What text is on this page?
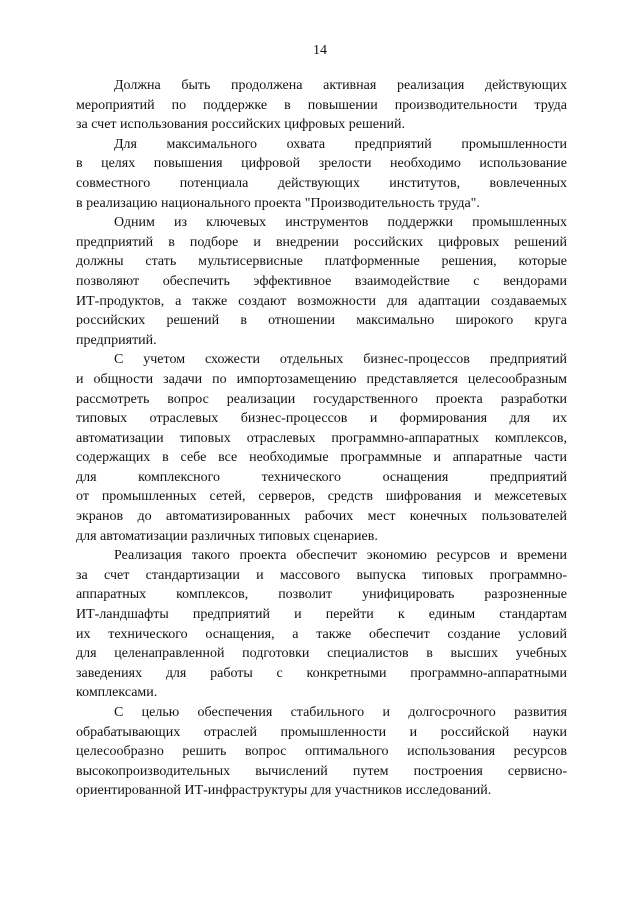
14
Должна быть продолжена активная реализация действующих
мероприятий по поддержке в повышении производительности труда
за счет использования российских цифровых решений.
Для максимального охвата предприятий промышленности
в целях повышения цифровой зрелости необходимо использование
совместного потенциала действующих институтов, вовлеченных
в реализацию национального проекта "Производительность труда".
Одним из ключевых инструментов поддержки промышленных
предприятий в подборе и внедрении российских цифровых решений
должны стать мультисервисные платформенные решения, которые
позволяют обеспечить эффективное взаимодействие с вендорами
ИТ-продуктов, а также создают возможности для адаптации создаваемых
российских решений в отношении максимально широкого круга
предприятий.
С учетом схожести отдельных бизнес-процессов предприятий
и общности задачи по импортозамещению представляется целесообразным
рассмотреть вопрос реализации государственного проекта разработки
типовых отраслевых бизнес-процессов и формирования для их
автоматизации типовых отраслевых программно-аппаратных комплексов,
содержащих в себе все необходимые программные и аппаратные части
для комплексного технического оснащения предприятий
от промышленных сетей, серверов, средств шифрования и межсетевых
экранов до автоматизированных рабочих мест конечных пользователей
для автоматизации различных типовых сценариев.
Реализация такого проекта обеспечит экономию ресурсов и времени
за счет стандартизации и массового выпуска типовых программно-
аппаратных комплексов, позволит унифицировать разрозненные
ИТ-ландшафты предприятий и перейти к единым стандартам
их технического оснащения, а также обеспечит создание условий
для целенаправленной подготовки специалистов в высших учебных
заведениях для работы с конкретными программно-аппаратными
комплексами.
С целью обеспечения стабильного и долгосрочного развития
обрабатывающих отраслей промышленности и российской науки
целесообразно решить вопрос оптимального использования ресурсов
высокопроизводительных вычислений путем построения сервисно-
ориентированной ИТ-инфраструктуры для участников исследований.
